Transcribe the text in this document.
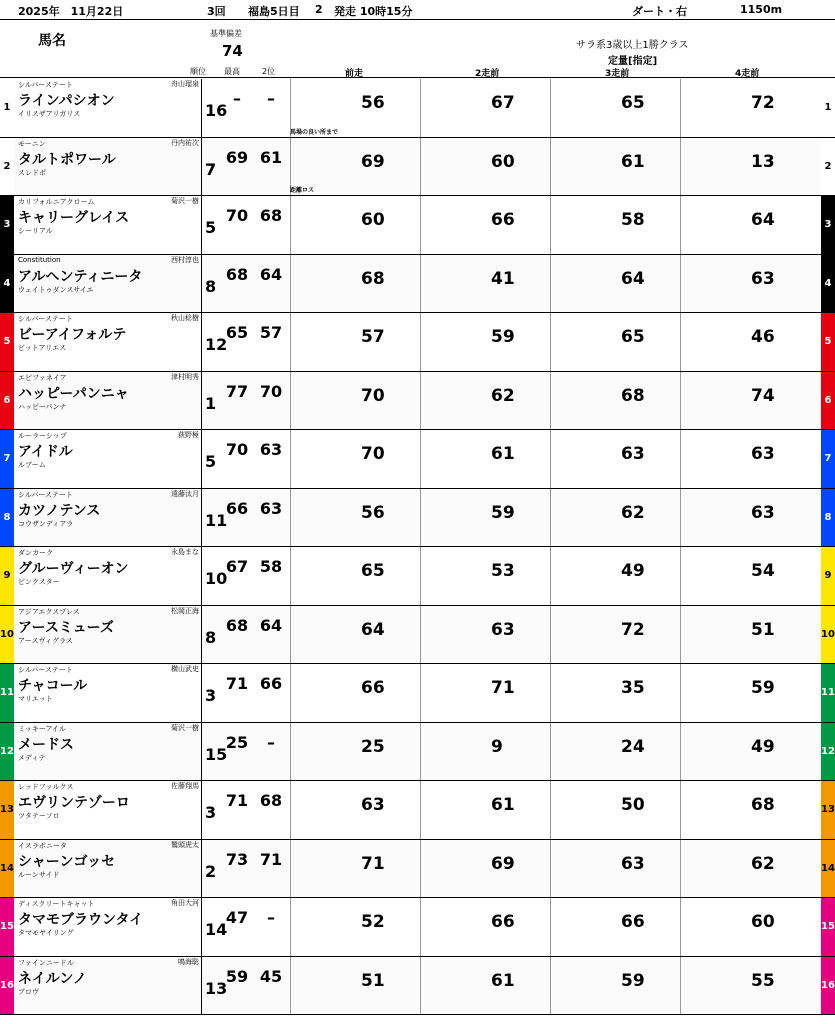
2025年　11月22日	3回 福島5日目 2 発走 10時15分	ダート・右	1150m
馬名	基準偏差
74
順位 最高	2位	前走	2走前	3走前	4走前
サラ系3歳以上1勝クラス
定量[指定]
1	1
シルバーステート
ラインパシオン
イリスザアリガリス
舟山瑠泉
16
–	–	56	67	65	72
馬場の良い所まで
2	2
モーニン
タルトポワール
スレドポ
丹内祐次
7
69 61	69	60	61	13
距離ロス
3	3
カリフォルニアクローム
キャリーグレイス
シーリアル
菊沢一樹
5
70 68	60	66	58	64
4	4
Constitution
アルヘンティニータ
ウェイトゥダンスサイエ
西村淳也
8
68 64	68	41	64	63
5	5
シルバーステート
ビーアイフォルテ
ビットアリエス
秋山稔樹
12
65 57	57	59	65	46
6	6
エピファネイア
ハッピーパンニャ
ハッピーパンナ
津村明秀
1
77 70	70	62	68	74
7	7
ルーラーシップ
アイドル
ルブーム
荻野極
5
70 63	70	61	63	63
8	8
シルバーステート
カツノテンス
コウザンディアラ
遠藤汰月
11
66 63	56	59	62	63
9	9
ダンカーク
グルーヴィーオン
ピンクスター
永島まな
10
67 58	65	53	49	54
10	10
アジアエクスプレス
アースミューズ
アースヴィグラス
松岡正海
8
68 64	64	63	72	51
11	11
シルバーステート
チャコール
マリエット
横山武史
3
71 66	66	71	35	59
12	12
ミッキーアイル
メードス
メディテ
菊沢一樹
15
25	–	25	9	24	49
13	13
レッドファルクス
エヴリンテゾーロ
ツタテーソロ
佐藤翔馬
3
71 68	63	61	50	68
14	14
イスラボニータ
シャーンゴッセ
ルーンサイド
鷲頭虎太
2
73 71	71	69	63	62
15	15
ディスクリートキャット
タマモブラウンタイ
タマモヤイリング
角田大河
14
47	–	52	66	66	60
16	16
ファインニードル
ネイルンノ
プロヴ
鳴海聡
13
59 45	51	61	59	55
